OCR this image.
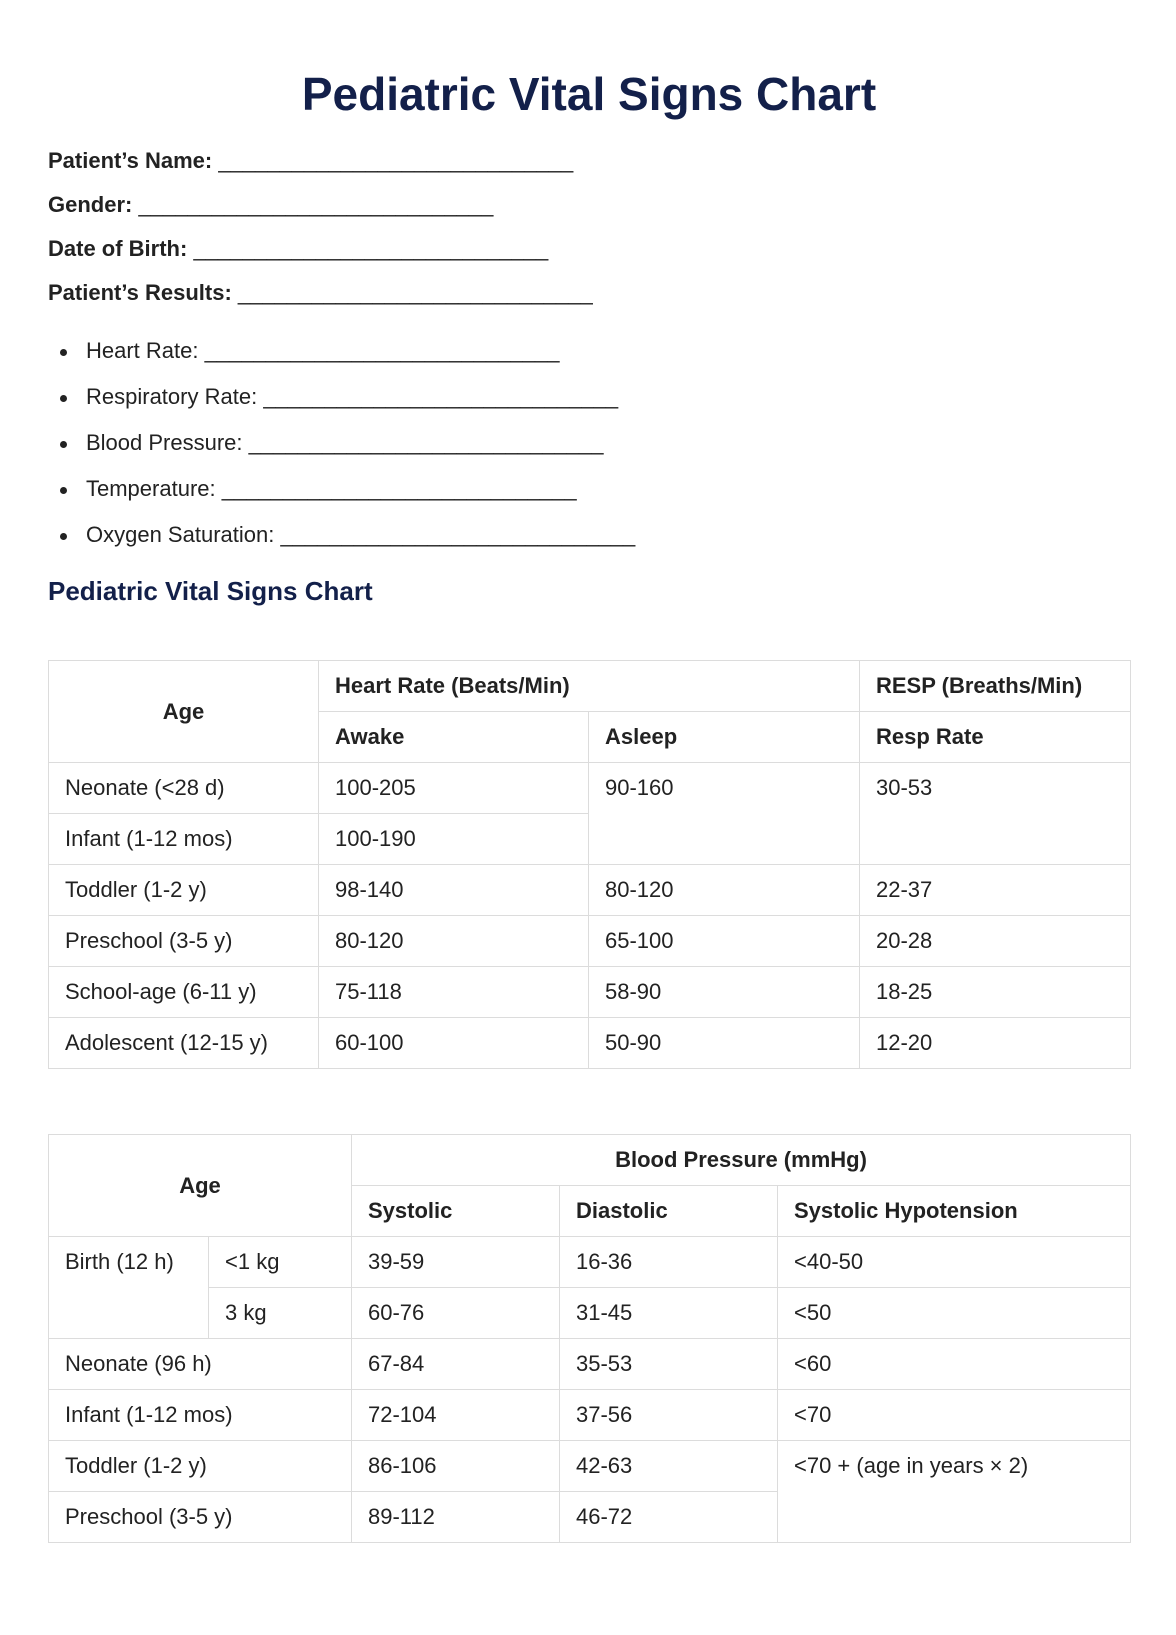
Pediatric Vital Signs Chart
Patient’s Name: _____________________________
Gender: _____________________________
Date of Birth: _____________________________
Patient’s Results: _____________________________
Heart Rate: _____________________________
Respiratory Rate: _____________________________
Blood Pressure: _____________________________
Temperature: _____________________________
Oxygen Saturation: _____________________________
Pediatric Vital Signs Chart
Age	Heart Rate (Beats/Min)		RESP (Breaths/Min)
	Awake	Asleep	Resp Rate
Neonate (<28 d)	100-205	90-160	30-53
Infant (1-12 mos)	100-190		
Toddler (1-2 y)	98-140	80-120	22-37
Preschool (3-5 y)	80-120	65-100	20-28
School-age (6-11 y)	75-118	58-90	18-25
Adolescent (12-15 y)	60-100	50-90	12-20
Age		Blood Pressure (mmHg)		
		Systolic	Diastolic	Systolic Hypotension
Birth (12 h)	<1 kg	39-59	16-36	<40-50
	3 kg	60-76	31-45	<50
Neonate (96 h)		67-84	35-53	<60
Infant (1-12 mos)		72-104	37-56	<70
Toddler (1-2 y)		86-106	42-63	<70 + (age in years × 2)
Preschool (3-5 y)		89-112	46-72	
